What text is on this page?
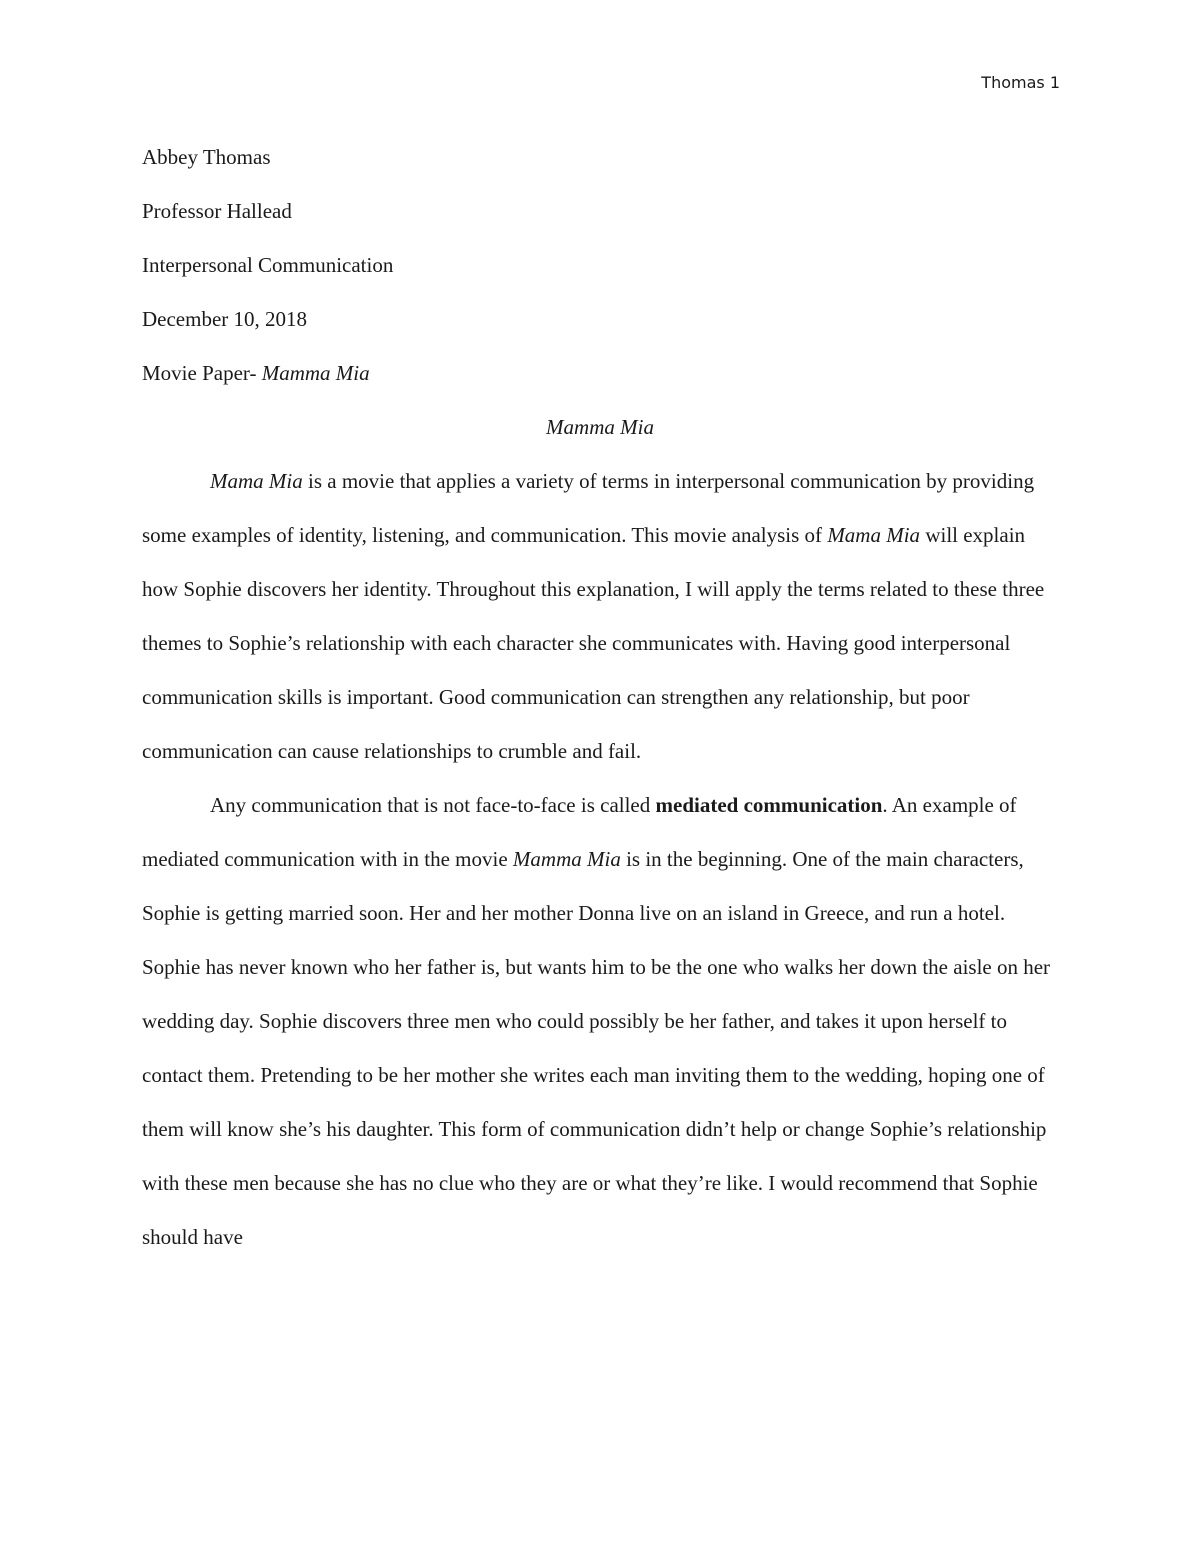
Thomas 1

Abbey Thomas

Professor Hallead

Interpersonal Communication

December 10, 2018

Movie Paper- Mamma Mia

Mamma Mia

Mama Mia is a movie that applies a variety of terms in interpersonal communication by providing some examples of identity, listening, and communication. This movie analysis of Mama Mia will explain how Sophie discovers her identity. Throughout this explanation, I will apply the terms related to these three themes to Sophie’s relationship with each character she communicates with. Having good interpersonal communication skills is important. Good communication can strengthen any relationship, but poor communication can cause relationships to crumble and fail.

Any communication that is not face-to-face is called mediated communication. An example of mediated communication with in the movie Mamma Mia is in the beginning. One of the main characters, Sophie is getting married soon. Her and her mother Donna live on an island in Greece, and run a hotel. Sophie has never known who her father is, but wants him to be the one who walks her down the aisle on her wedding day. Sophie discovers three men who could possibly be her father, and takes it upon herself to contact them. Pretending to be her mother she writes each man inviting them to the wedding, hoping one of them will know she’s his daughter. This form of communication didn’t help or change Sophie’s relationship with these men because she has no clue who they are or what they’re like. I would recommend that Sophie should have
